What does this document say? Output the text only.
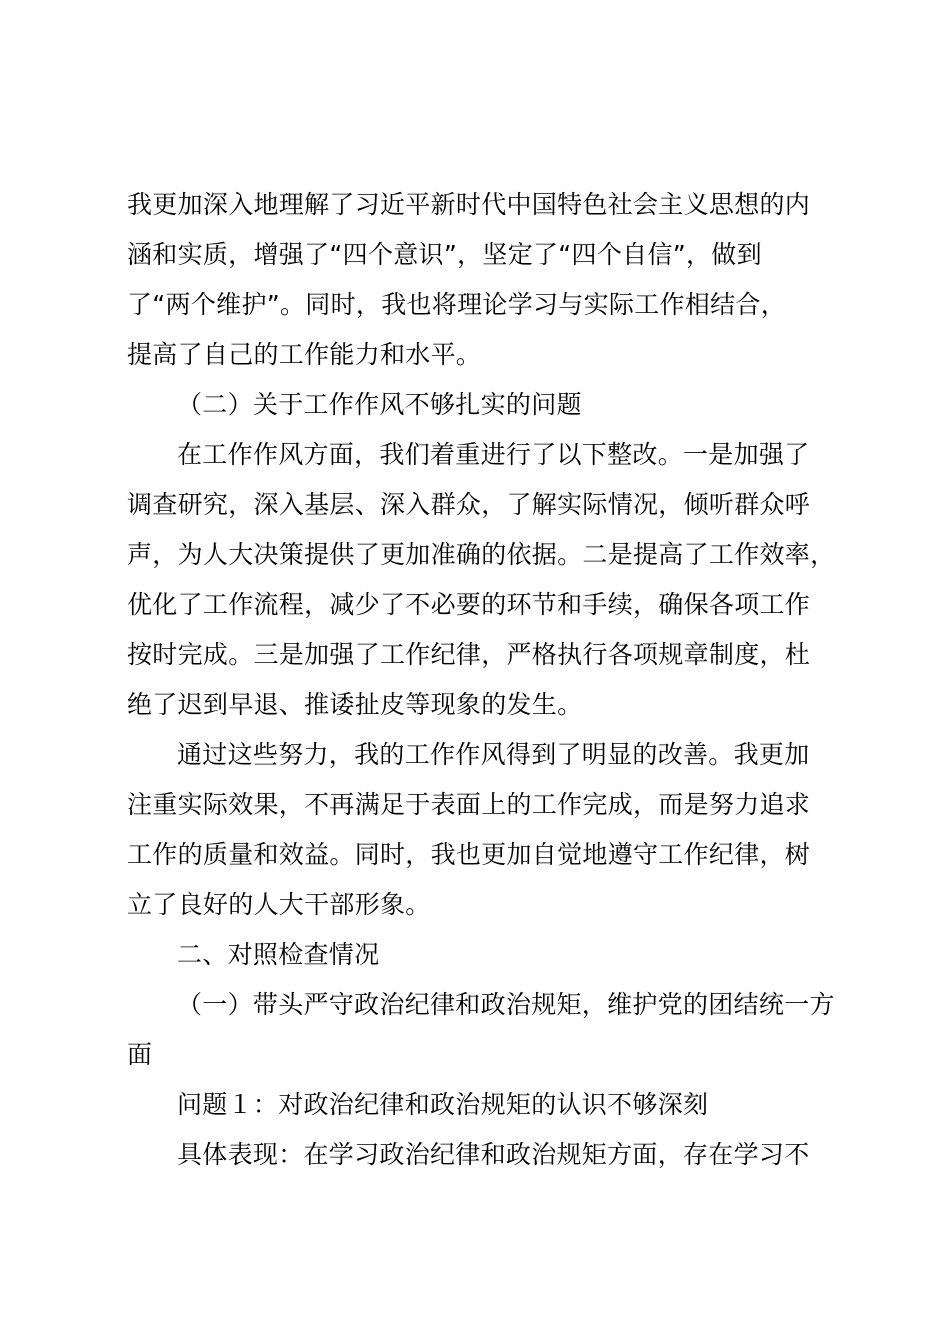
我更加深入地理解了习近平新时代中国特色社会主义思想的内
涵和实质，增强了“四个意识”，坚定了“四个自信”，做到
了“两个维护”。同时，我也将理论学习与实际工作相结合，
提高了自己的工作能力和水平。
（二）关于工作作风不够扎实的问题
在工作作风方面，我们着重进行了以下整改。一是加强了
调查研究，深入基层、深入群众，了解实际情况，倾听群众呼
声，为人大决策提供了更加准确的依据。二是提高了工作效率，
优化了工作流程，减少了不必要的环节和手续，确保各项工作
按时完成。三是加强了工作纪律，严格执行各项规章制度，杜
绝了迟到早退、推诿扯皮等现象的发生。
通过这些努力，我的工作作风得到了明显的改善。我更加
注重实际效果，不再满足于表面上的工作完成，而是努力追求
工作的质量和效益。同时，我也更加自觉地遵守工作纪律，树
立了良好的人大干部形象。
二、对照检查情况
（一）带头严守政治纪律和政治规矩，维护党的团结统一方
面
问题１：对政治纪律和政治规矩的认识不够深刻
具体表现：在学习政治纪律和政治规矩方面，存在学习不
